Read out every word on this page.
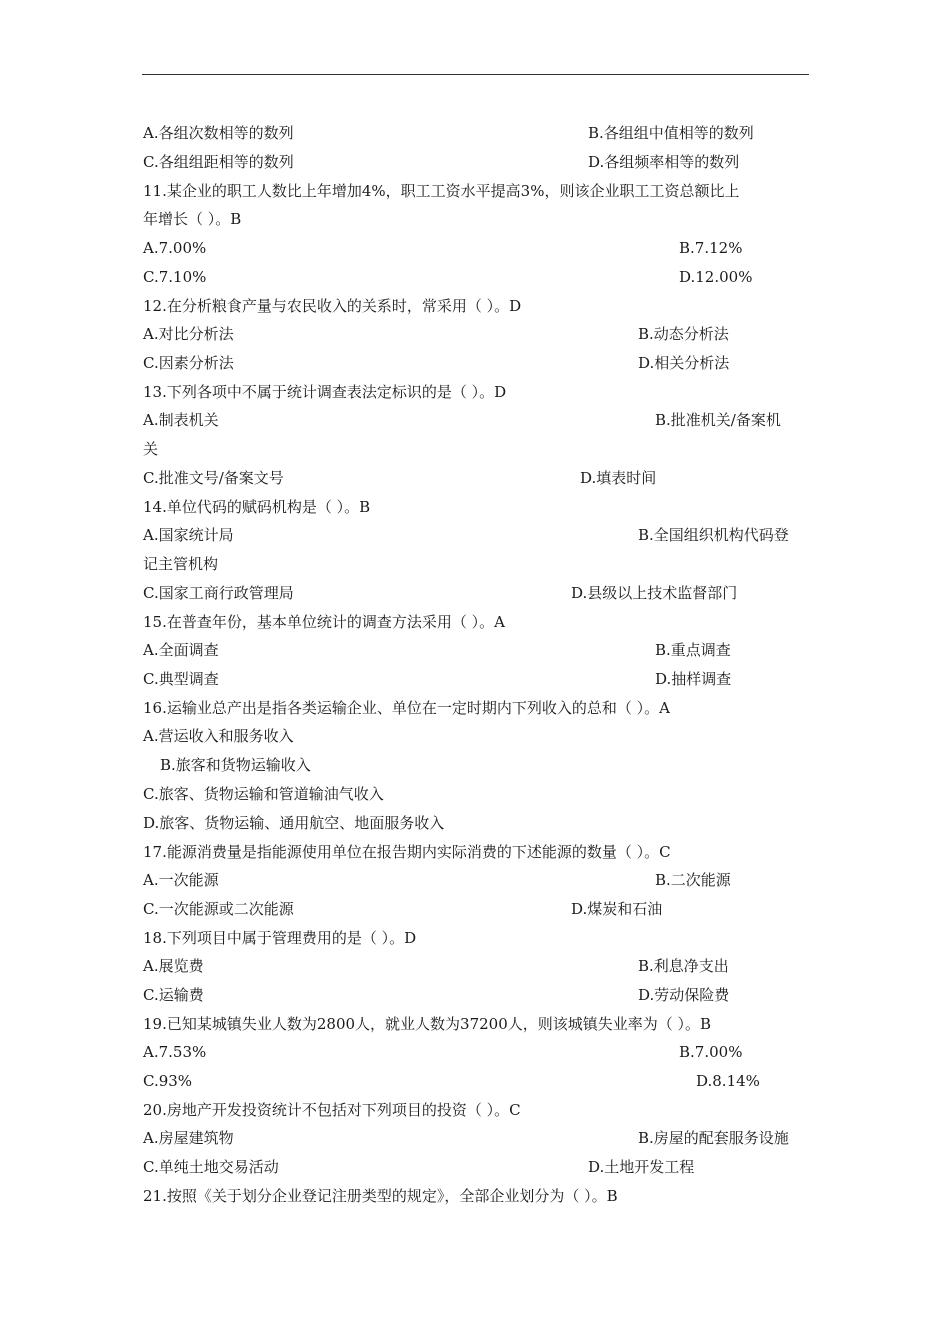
A.各组次数相等的数列	B.各组组中值相等的数列
C.各组组距相等的数列	D.各组频率相等的数列
11.某企业的职工人数比上年增加4%，职工工资水平提高3%，则该企业职工工资总额比上
年增长（ ）。B
A.7.00%	B.7.12%
C.7.10%	D.12.00%
12.在分析粮食产量与农民收入的关系时，常采用（ ）。D
A.对比分析法	B.动态分析法
C.因素分析法	D.相关分析法
13.下列各项中不属于统计调查表法定标识的是（ ）。D
A.制表机关	B.批准机关/备案机
关
C.批准文号/备案文号	D.填表时间
14.单位代码的赋码机构是（ ）。B
A.国家统计局	B.全国组织机构代码登
记主管机构
C.国家工商行政管理局	D.县级以上技术监督部门
15.在普查年份，基本单位统计的调查方法采用（ ）。A
A.全面调查	B.重点调查
C.典型调查	D.抽样调查
16.运输业总产出是指各类运输企业、单位在一定时期内下列收入的总和（ ）。A
A.营运收入和服务收入
B.旅客和货物运输收入
C.旅客、货物运输和管道输油气收入
D.旅客、货物运输、通用航空、地面服务收入
17.能源消费量是指能源使用单位在报告期内实际消费的下述能源的数量（ ）。C
A.一次能源	B.二次能源
C.一次能源或二次能源	D.煤炭和石油
18.下列项目中属于管理费用的是（ ）。D
A.展览费	B.利息净支出
C.运输费	D.劳动保险费
19.已知某城镇失业人数为2800人，就业人数为37200人，则该城镇失业率为（ ）。B
A.7.53%	B.7.00%
C.93%	D.8.14%
20.房地产开发投资统计不包括对下列项目的投资（ ）。C
A.房屋建筑物	B.房屋的配套服务设施
C.单纯土地交易活动	D.土地开发工程
21.按照《关于划分企业登记注册类型的规定》，全部企业划分为（ ）。B
